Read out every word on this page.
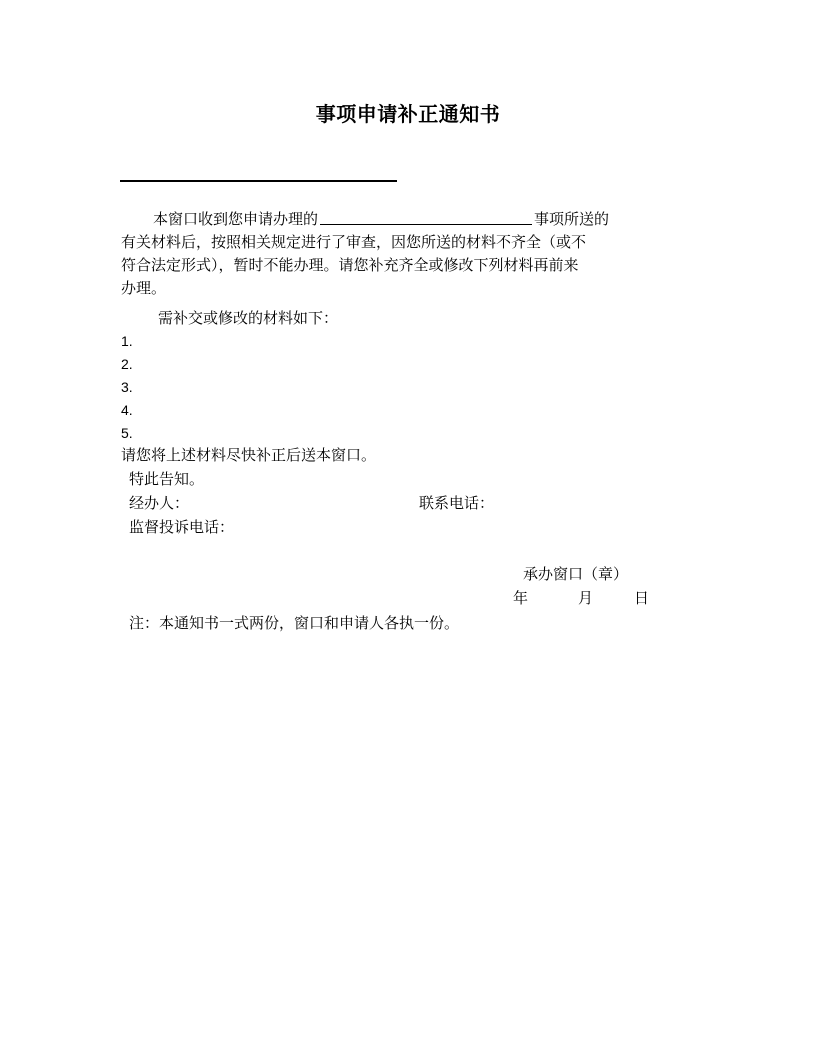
事项申请补正通知书
本窗口收到您申请办理的	事项所送的
有关材料后，按照相关规定进行了审查，因您所送的材料不齐全（或不
符合法定形式），暂时不能办理。请您补充齐全或修改下列材料再前来
办理。
需补交或修改的材料如下：
1.
2.
3.
4.
5.
请您将上述材料尽快补正后送本窗口。
特此告知。
经办人：	联系电话：
监督投诉电话：
承办窗口（章）
年	月	日
注：本通知书一式两份，窗口和申请人各执一份。
